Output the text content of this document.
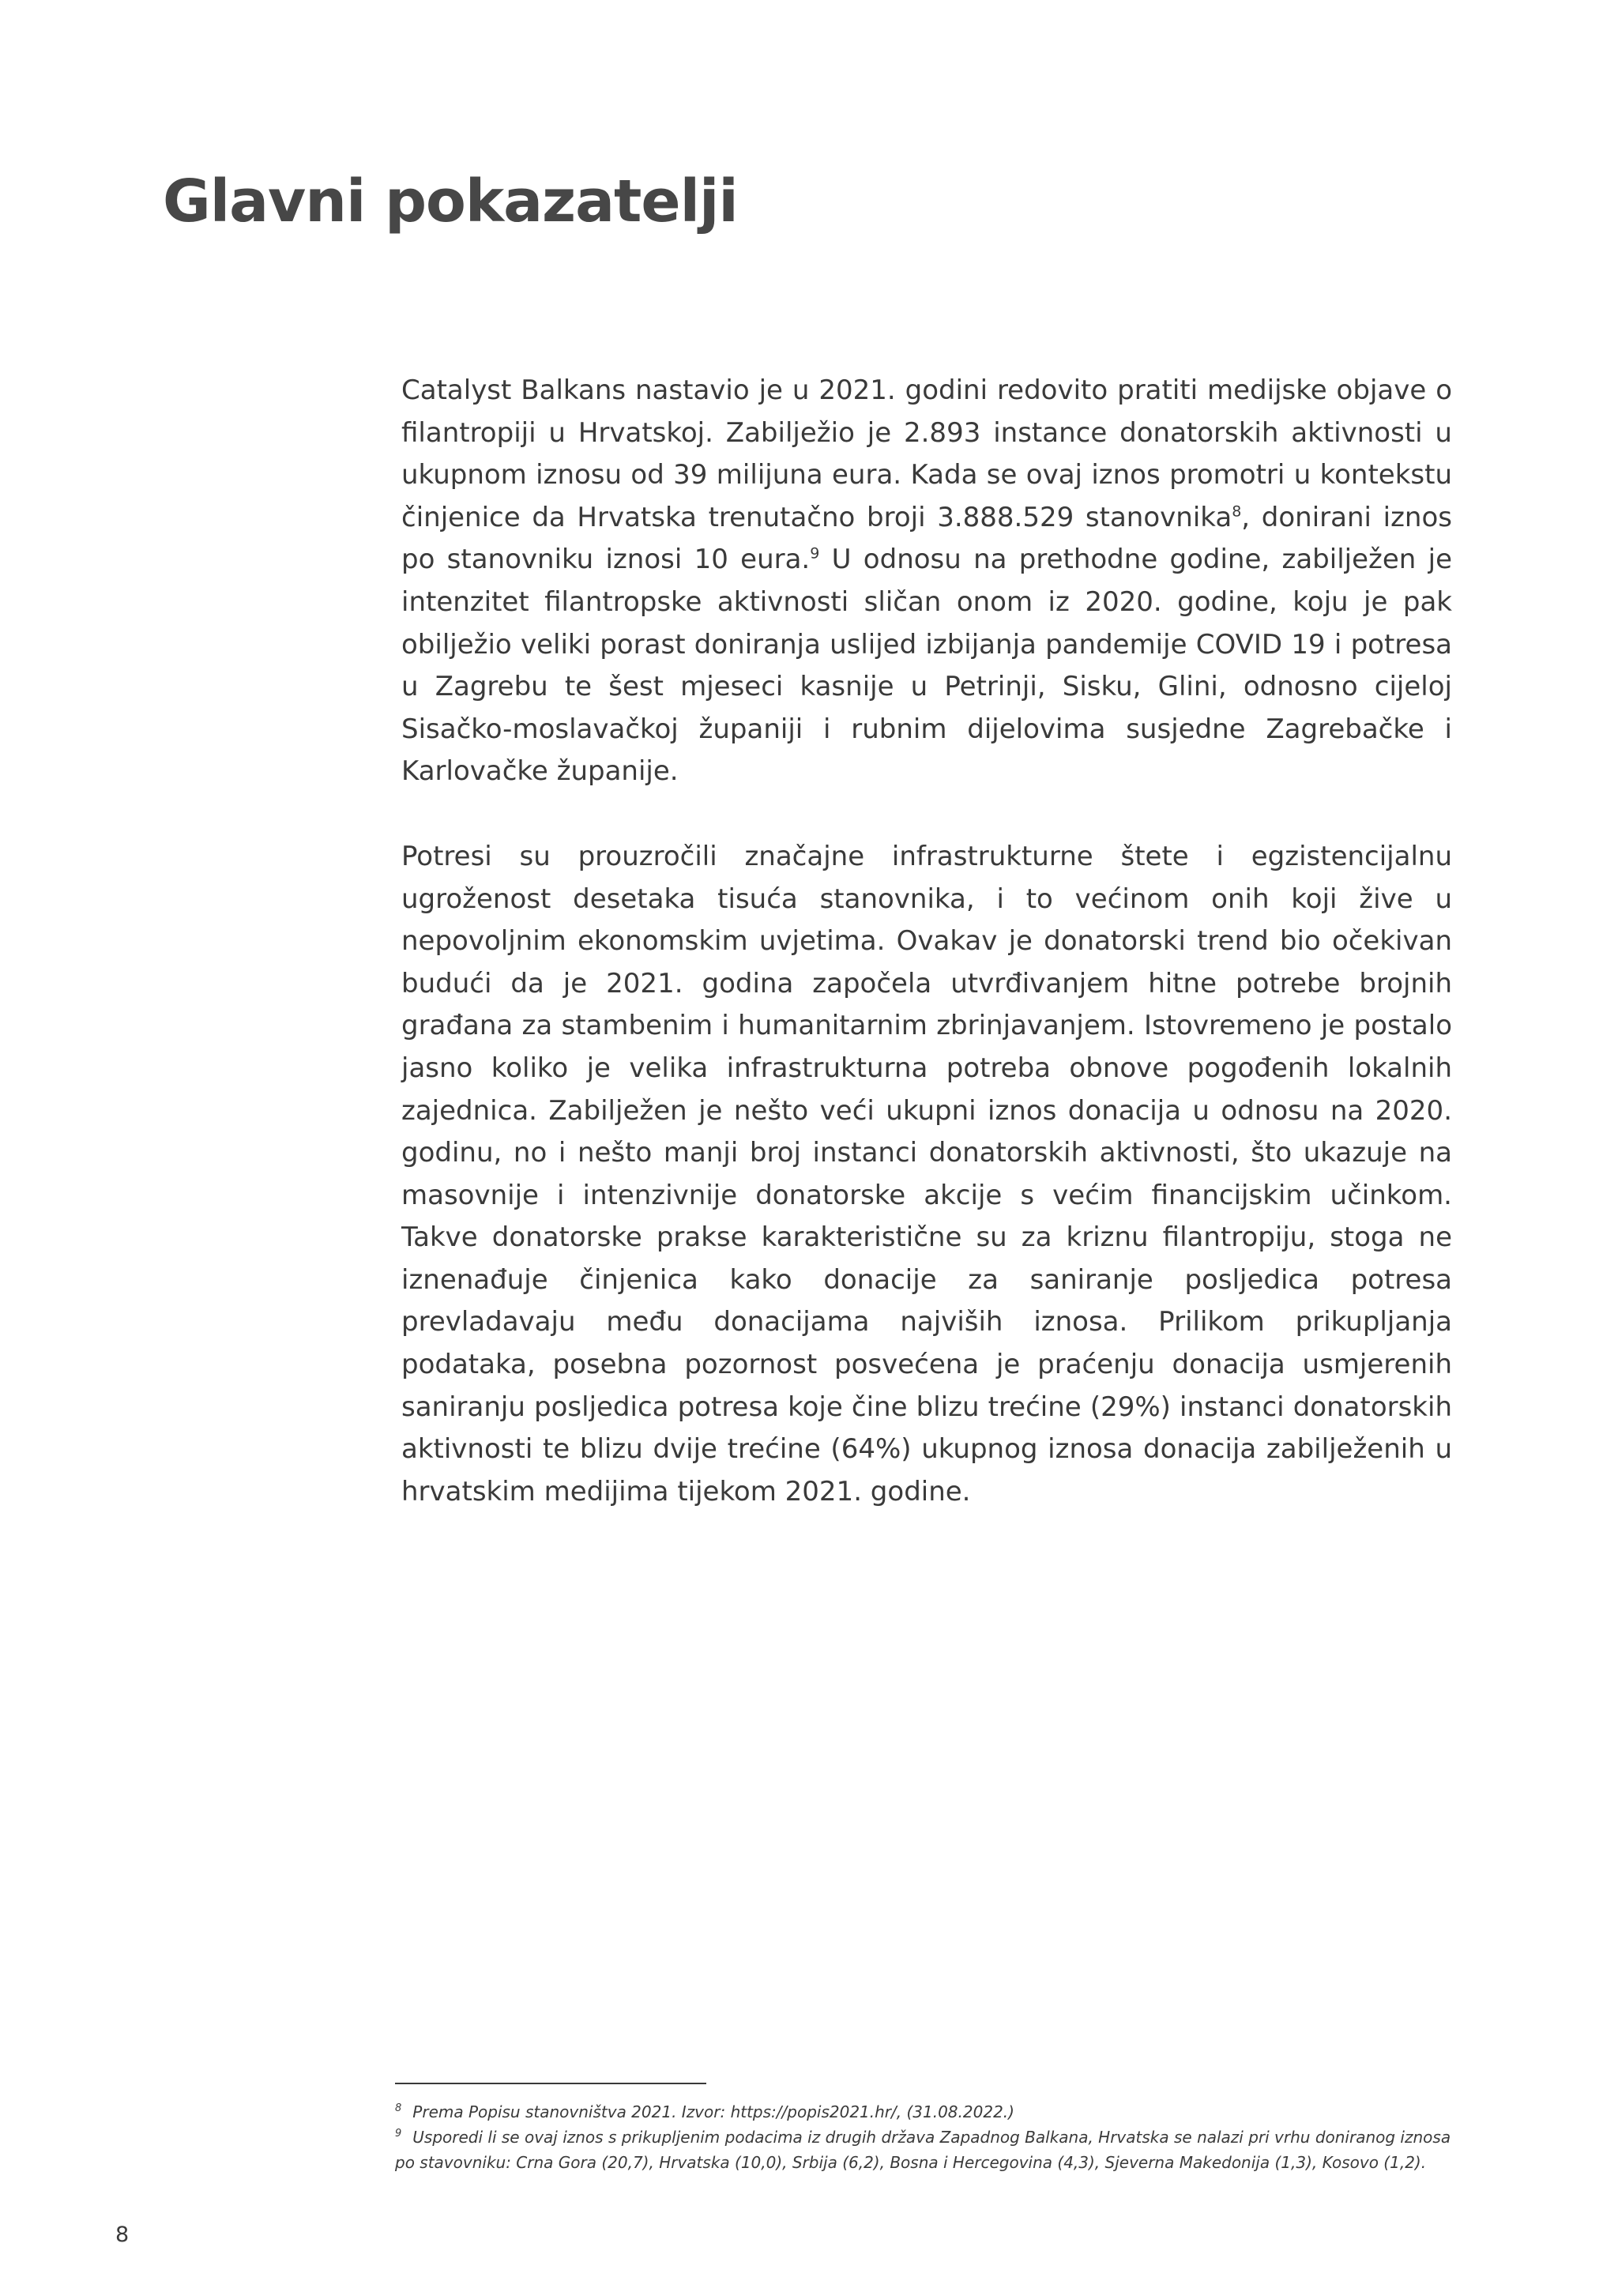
Glavni pokazatelji

Catalyst Balkans nastavio je u 2021. godini redovito pratiti medijske objave o filantropiji u Hrvatskoj. Zabilježio je 2.893 instance donatorskih aktivnosti u ukupnom iznosu od 39 milijuna eura. Kada se ovaj iznos promotri u kontekstu činjenice da Hrvatska trenutačno broji 3.888.529 stanovnika$^8$, donirani iznos po stanovniku iznosi 10 eura.$^9$ U odnosu na prethodne godine, zabilježen je intenzitet filantropske aktivnosti sličan onom iz 2020. godine, koju je pak obilježio veliki porast doniranja uslijed izbijanja pandemije COVID 19 i potresa u Zagrebu te šest mjeseci kasnije u Petrinji, Sisku, Glini, odnosno cijeloj Sisačko-moslavačkoj županiji i rubnim dijelovima susjedne Zagrebačke i Karlovačke županije.

Potresi su prouzročili značajne infrastrukturne štete i egzistencijalnu ugroženost desetaka tisuća stanovnika, i to većinom onih koji žive u nepovoljnim ekonomskim uvjetima. Ovakav je donatorski trend bio očekivan budući da je 2021. godina započela utvrđivanjem hitne potrebe brojnih građana za stambenim i humanitarnim zbrinjavanjem. Istovremeno je postalo jasno koliko je velika infrastrukturna potreba obnove pogođenih lokalnih zajednica. Zabilježen je nešto veći ukupni iznos donacija u odnosu na 2020. godinu, no i nešto manji broj instanci donatorskih aktivnosti, što ukazuje na masovnije i intenzivnije donatorske akcije s većim financijskim učinkom. Takve donatorske prakse karakteristične su za kriznu filantropiju, stoga ne iznenađuje činjenica kako donacije za saniranje posljedica potresa prevladavaju među donacijama najviših iznosa. Prilikom prikupljanja podataka, posebna pozornost posvećena je praćenju donacija usmjerenih saniranju posljedica potresa koje čine blizu trećine (29%) instanci donatorskih aktivnosti te blizu dvije trećine (64%) ukupnog iznosa donacija zabilježenih u hrvatskim medijima tijekom 2021. godine.

$^8$ Prema Popisu stanovništva 2021. Izvor: https://popis2021.hr/, (31.08.2022.)

$^9$ Usporedi li se ovaj iznos s prikupljenim podacima iz drugih država Zapadnog Balkana, Hrvatska se nalazi pri vrhu doniranog iznosa po stavovniku: Crna Gora (20,7), Hrvatska (10,0), Srbija (6,2), Bosna i Hercegovina (4,3), Sjeverna Makedonija (1,3), Kosovo (1,2).

8
